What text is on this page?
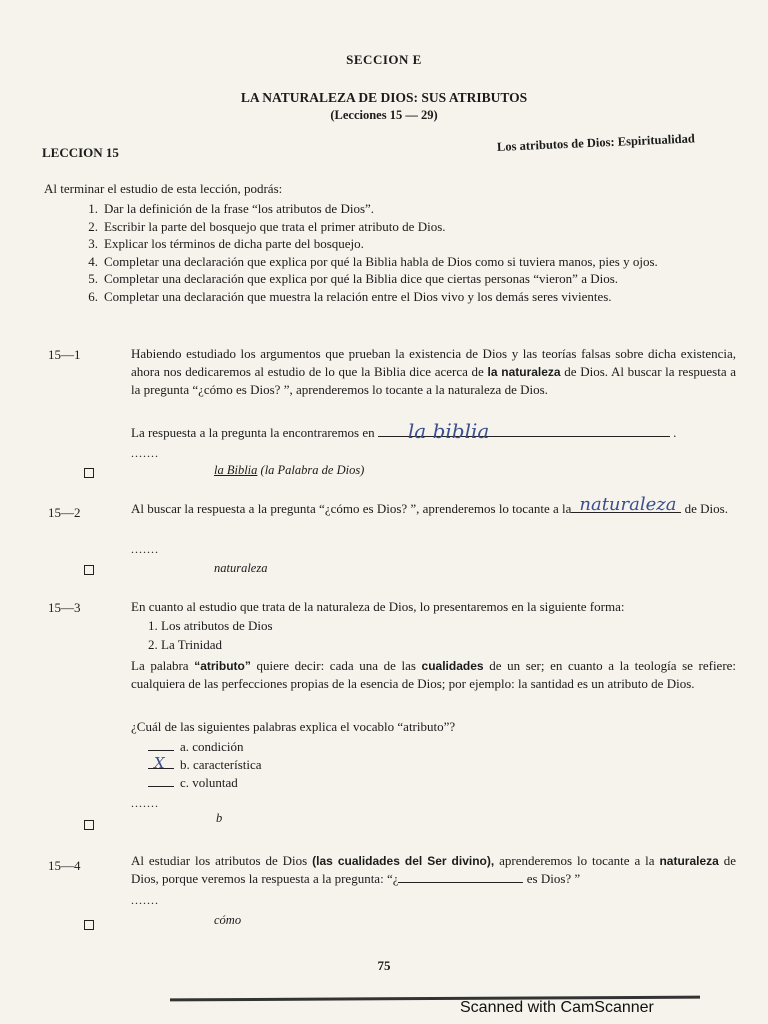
SECCION E
LA NATURALEZA DE DIOS: SUS ATRIBUTOS
(Lecciones 15 — 29)
LECCION 15	Los atributos de Dios: Espiritualidad
Al terminar el estudio de esta lección, podrás:
1. Dar la definición de la frase “los atributos de Dios”.
2. Escribir la parte del bosquejo que trata el primer atributo de Dios.
3. Explicar los términos de dicha parte del bosquejo.
4. Completar una declaración que explica por qué la Biblia habla de Dios como si tuviera manos, pies y ojos.
5. Completar una declaración que explica por qué la Biblia dice que ciertas personas “vieron” a Dios.
6. Completar una declaración que muestra la relación entre el Dios vivo y los demás seres vivientes.
15—1	Habiendo estudiado los argumentos que prueban la existencia de Dios y las teorías falsas sobre dicha existencia, ahora nos dedicaremos al estudio de lo que la Biblia dice acerca de la naturaleza de Dios. Al buscar la respuesta a la pregunta “¿cómo es Dios? ”, aprenderemos lo tocante a la naturaleza de Dios.
La respuesta a la pregunta la encontraremos en la biblia	.
.......
la Biblia (la Palabra de Dios)
15—2	Al buscar la respuesta a la pregunta “¿cómo es Dios? ”, aprenderemos lo tocante a la naturaleza de Dios.
.......
naturaleza
15—3	En cuanto al estudio que trata de la naturaleza de Dios, lo presentaremos en la siguiente forma:
1. Los atributos de Dios
2. La Trinidad
La palabra “atributo” quiere decir: cada una de las cualidades de un ser; en cuanto a la teología se refiere: cualquiera de las perfecciones propias de la esencia de Dios; por ejemplo: la santidad es un atributo de Dios.
¿Cuál de las siguientes palabras explica el vocablo “atributo”?
a. condición
X b. característica
c. voluntad
.......
b
15—4	Al estudiar los atributos de Dios (las cualidades del Ser divino), aprenderemos lo tocante a la naturaleza de Dios, porque veremos la respuesta a la pregunta: “¿	es Dios? ”
.......
cómo
75
Scanned with CamScanner
